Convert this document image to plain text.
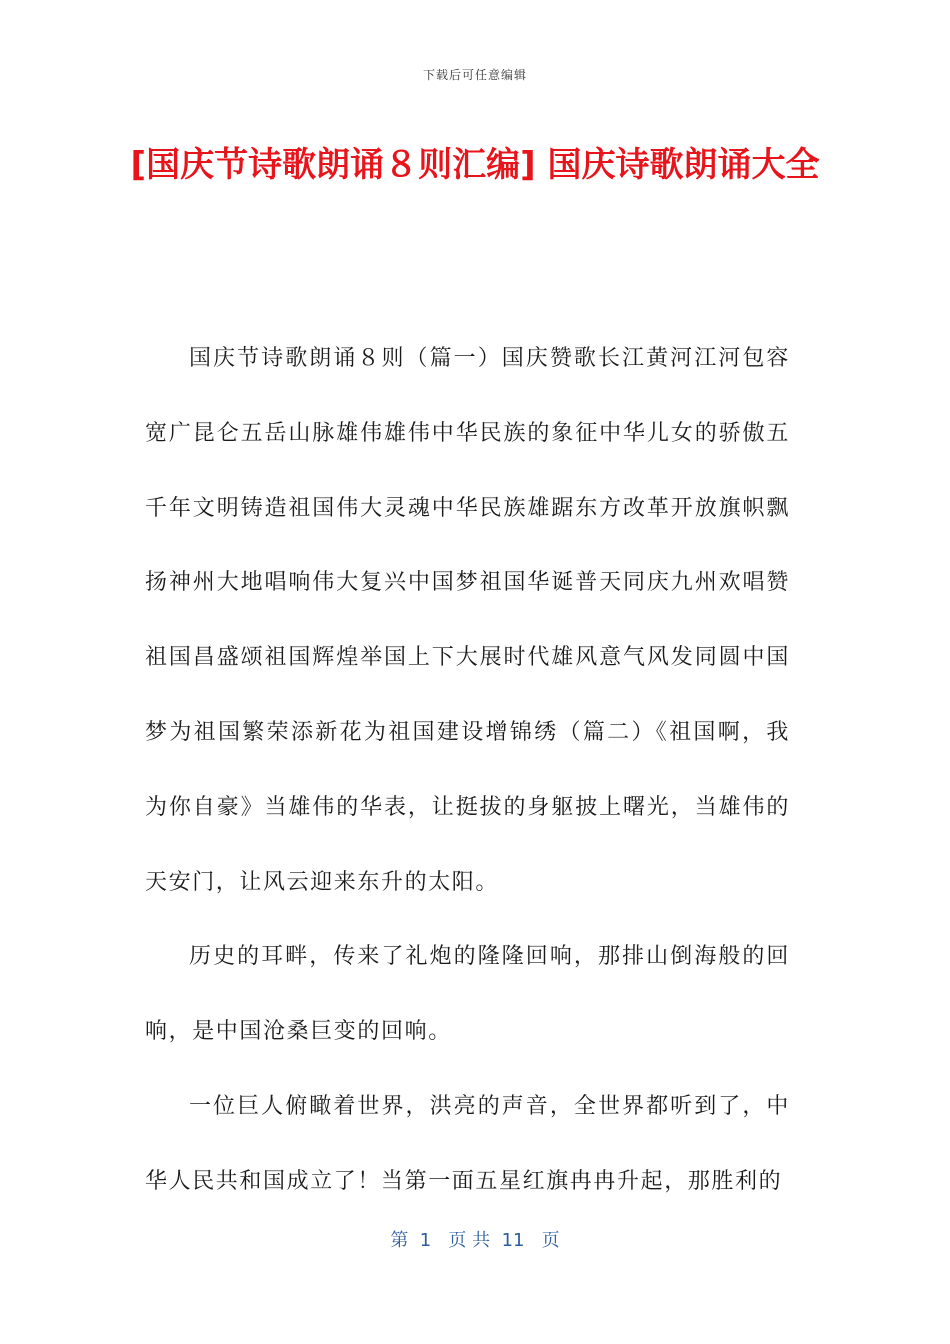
下载后可任意编辑
[国庆节诗歌朗诵８则汇编] 国庆诗歌朗诵大全

国庆节诗歌朗诵８则（篇一）国庆赞歌长江黄河江河包容宽广昆仑五岳山脉雄伟雄伟中华民族的象征中华儿女的骄傲五千年文明铸造祖国伟大灵魂中华民族雄踞东方改革开放旗帜飘扬神州大地唱响伟大复兴中国梦祖国华诞普天同庆九州欢唱赞祖国昌盛颂祖国辉煌举国上下大展时代雄风意气风发同圆中国梦为祖国繁荣添新花为祖国建设增锦绣（篇二）《祖国啊，我为你自豪》当雄伟的华表，让挺拔的身躯披上曙光，当雄伟的天安门，让风云迎来东升的太阳。

历史的耳畔，传来了礼炮的隆隆回响，那排山倒海般的回响，是中国沧桑巨变的回响。

一位巨人俯瞰着世界，洪亮的声音，全世界都听到了，中华人民共和国成立了！当第一面五星红旗冉冉升起，那胜利的

第  1   页 共  11   页
